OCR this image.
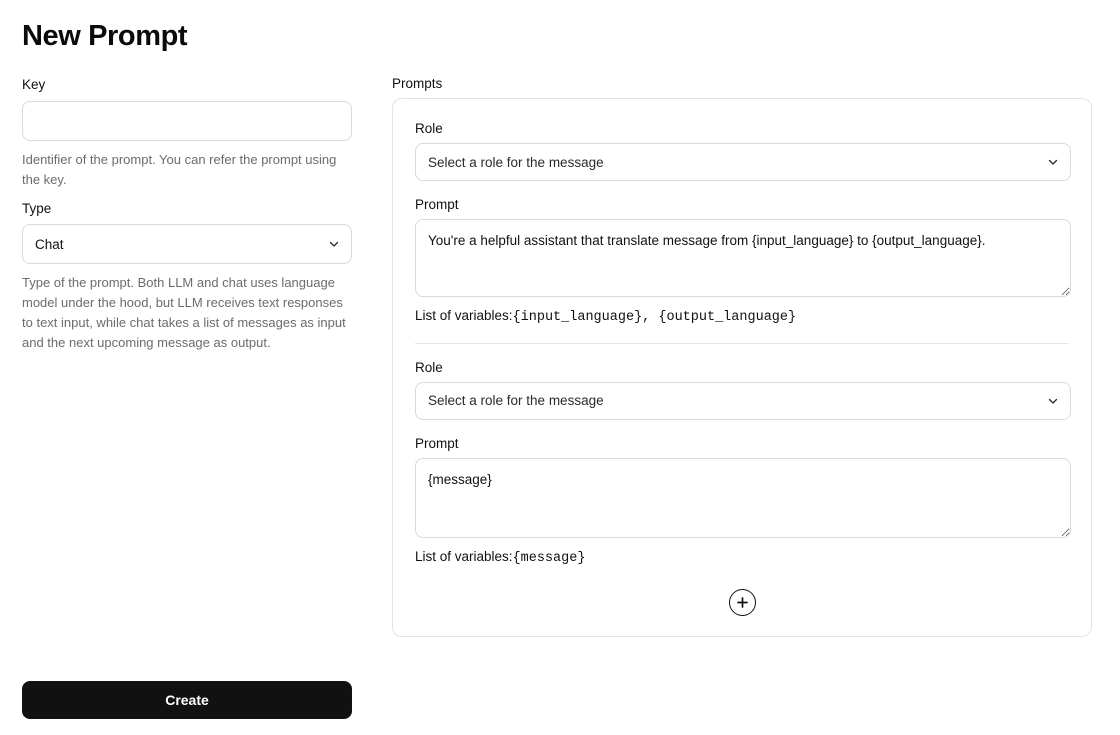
New Prompt
Key
Identifier of the prompt. You can refer the prompt using the key.
Type
Chat
Type of the prompt. Both LLM and chat uses language model under the hood, but LLM receives text responses to text input, while chat takes a list of messages as input and the next upcoming message as output.
Create
Prompts
Role
Select a role for the message
Prompt
You're a helpful assistant that translate message from {input_language} to {output_language}.
List of variables:{input_language}, {output_language}
Role
Select a role for the message
Prompt
{message}
List of variables:{message}
